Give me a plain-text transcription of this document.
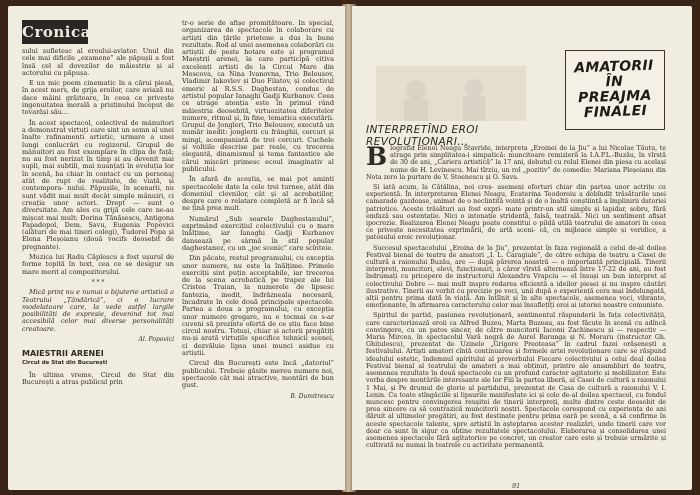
Cronica

sului sufletesc al eroului-aviator. Unul din cele mai dificile „examene” ale păpușii a fost însă cel al dovezilor de măiestrie și al actorului cu păpușa.

E un mic poem cinematic în a cărui piesă, în acest mers, de grija eroilor, care aviază nu dace mâini grăitoare, în ceea ce privește ingenuitatea morală a pristinului început de tovarăși său...

În acest spectacol, colectivul de mânuitori a demonstrat virtuți care sint un semn al unei înalte rafinamenti artistic, urmare a unei lungi conlucrări cu regizorul. Grupul de mânuitori au fost exemplare în clipa de față; nu au fost nerizat în timp și au devenit mai supli, mai subtili, mai nuanțați în evoluția lor în scenă, ba chiar în contact cu un personaj atât de rupt de realitate, de viață, și contempora- nului. Păpușile, în scenarii, nu sunt vădit mai mult decât simple mânuiri, ci creația unor actori. Drept — sunt o diversitate. Am ales cu grijă cele care ne-au mișcat mai mult: Dorina Tănăsescu, Antigona Papadopol, Dem. Savu, Eugenia Popovici (alături de mai tineri colegi), Tudorel Popa și Elena Pleșoianu (două vocifs deosebit de pregnante).

Muzica lui Radu Căplescu a fost ușurul de forme topită în text, cea ce se desigur un mare merit al compozitorului.

* * *

Mică prinț nu e numai o bijuterie artistică a Teatrului „Țăndărică”, ci o lucrare modelatoare care, la vede astfel largile posibilități de expresie, devenind tot mai accesibilă celor mai diverse personalități creatoare.

Al. Popovici

MAIESTRII ARENEI
Circul de Stat din București

În ultima vreme, Circul de Stat din București a atras publicul prin

tr-o serie de afișe promițătoare. În special, organizarea de spectacole în colaborare cu artiști din țările prietene a dus la bune rezultate. Rod al unei asemenea colaborări cu artiștii de peste hotare este și programul Maeștrii arenei, la care participă citiva excelenți artiști de la Circul Mare din Moscova, ca Nina Ivanovna, Trio Belousov, Vladimir Iakovlev și Duo Filatov, și colectivul emeric al R.S.S. Daghestan, condus de artistul popular Ianaghi Gadji Kurbanov. Ceea ce atrage atenția este în primul rând măiestria deosebită, virtuozitatea diferitelor numere, ritmul și, în fine, tematica executării. Grupul de Jongleri, Trio Belousov, execută un număr inedit: jonglerii cu frânghii, cercuri și mingi, acompaniată de trei cercuri. Cuchele și voltiile descrise par reale, cu trecerea elegantă, dinamismul și tema fantastice ale cărui mișcări primesc ecoul imaginativ al publicului.

În afară de aceștia, se mai pot aminti spectacolele date la cele trei turnee, atât din domeniul clovnilor, cât și al acrobațiilor, despre care o relatare completă ar fi încă să ne țină prea mult.

Numărul „Sub soarele Daghestanului”, exprimând exercițiul colectivului cu o mare înălțime, iar Ianaghi Gadji Kurbanov dansează pe sârmă în stil popular daghestanez, cu un „joc scenic” care scînteie.

Din păcate, restul programului, cu excepția unor numere, nu este la înălțime. Primele exerciții sint puțin acceptabile, iar trecerea de la scena acrobatică pe trapez ale lui Cristea Traian, la numerele de lipsesc fantezia, inedit, îndrăzneala necesară, încadrate în cele două principale spectacole. Partea a doua a programului, cu excepția unor numere gregare, nu e tocmai ce s-ar cuveni să prezinte ofertă de ce știu face bine circul nostru. Totuși, chiar și actorii pregătiți nu-și arată virtuțile specifice tehnicii scenei, ci dezvăluie lipsa unei munci asidue cu artiștii.

Circul din București este încă „datoriul” publicului. Trebuie găsite mereu numere noi, spectacole cât mai atractive, montări de bun gust.

B. Dumitrescu

AMATORII
ÎN
PREAJMA
FINALEI
INTERPRETÎND EROI REVOLUȚIONARI...

Biografia Elenei Neagu Stavride, interpreta „Eroinei de la Jiu” a lui Nicolae Tăutu, te atrage prin simplitatea-i simpatică: muncitoare remizieră la I.A.P.L.-Buzău, în vîrstă de 30 de ani, „Cariera artistică” la 17 ani, debutul cu rolul Elenei din piesa cu același nume de H. Lovinescu. Mai tîrziu, un rol „pozitiv” de comedie: Mariana Pleșoianu din Nota zero la purtare de V. Stoenescu și O. Sava.

Și iată acum, la Cătălina, noi creș- asemeni eforturi chiar din partea unor actrițe cu experiență. În interpretarea Elenei Neagu, Ecaterina Teodoroiu a dobîndit trăsăturile unei camarade gazdoase, animat de o neclintită voință și de o înaltă conștiință a împlinirii datoriei patriotice. Aceste trăsături au fost expri- mate printr-un stil simplu și lapidar, sobru, fără emfază sau ostentație. Nici o intonație stridentă, falsă, teatrală. Nici un sentiment afișat ipocrezie. Realizarea Elenei Neagu poate constitui o pildă utilă teatrului de amatori în ceea ce privește necesitatea exprimării, de artă sceni- că, cu mijloace simple și veridice, a patosului eroic revoluționar.

Succesul spectacolului „Eroina de la Jiu”, prezentat în faza regională a celui de-al doilea Festival bienal de teatru de amatori „I. L. Caragiale”, de către echipa de teatru a Casei de cultură a raionului Buzău, are — după părerea noastră — o importanță principială. Tinerii interpreți, muncitori, elevi, funcționari, a căror vîrstă alternează între 17-22 de ani, au fost îndrumați cu pricepere de instructorul Alexandru Vrapciu — el însuși un bun interpret al colectivului Dobre — mai mult inspre redarea eficientă a ideilor piesei și nu inspre căutări ilustrative. Tinerii au vorbit cu precizie pe voci, unii după o experiență cera mai îndelungată, alții pentru prima dată în viață. Am întîlnit și în alte spectacole, asemenea voci, vibrante, emoționante, în afirmarea caracterului celor mai însuflețiți eroi ai istoriei noastre comuniste.

Spiritul de partid, pasiunea revoluționară, sentimentul răspunderii în fața colectivității, care caracterizează eroii ca Alfred Buzeu, Marta Buzeau, au fost făcute în scenă cu adîncă convingere, cu un patos sincer, de către muncitorii Iacomi Zachinescu și — respectiv — Maria Mircea, în spectacolul Vară negră de Aurel Baranga și N. Moraru (instructor Gh. Ghițulescu), prezentat de Uzinele „Grigore Preoteasa” în cadrul fazei orășenești a festivalului. Artiști amatori cîntă continuarea și formele artei revoluționare care se răspund idealului estetic, îndemnul spiritului al proverbului Fiecare colectivului a celui deal doilea Festival bienal al teatrului de amatori a mai obținut, printre ale ansambluri de teatru, asemenea rezultate în două spectacole cu un profund caracter agitatoric și mobilizator. Este vorba despre montările interesante ale lor Fiii la partea liberă, al Casei de cultură a raionului 1 Mai, și Pe drumul de glorie al partidului, prezentat de Casa de cultură a raionului V. I. Lenin. Cu toate stîngăciile și lipsurile manifestate ici și colo de-al doilea spectacol, cu fondul muncesc pentru convingerea reușitei de tinerii interpreți, multe dintre ceste deosebit de prea sincere ca să contrazică muncitorii noștri. Spectacole corespund cu experiența de ani dăruit al ultimelor pregătiri, au fost destinate pentru prima oară pe scenă, a să confirme în aceste spectacole talente, spre artiștii în așteptarea acestor realizări, unde tinerii care vor doar ca sunt în sigur ca obține rezultatele spectacolului. Elaborarea și consolidarea unei asemenea spectacole fără agitatorice pe concret, un creator care este și trebuie urmărite și cultivată nu numai în teatrele cu activitate permanentă.

91
